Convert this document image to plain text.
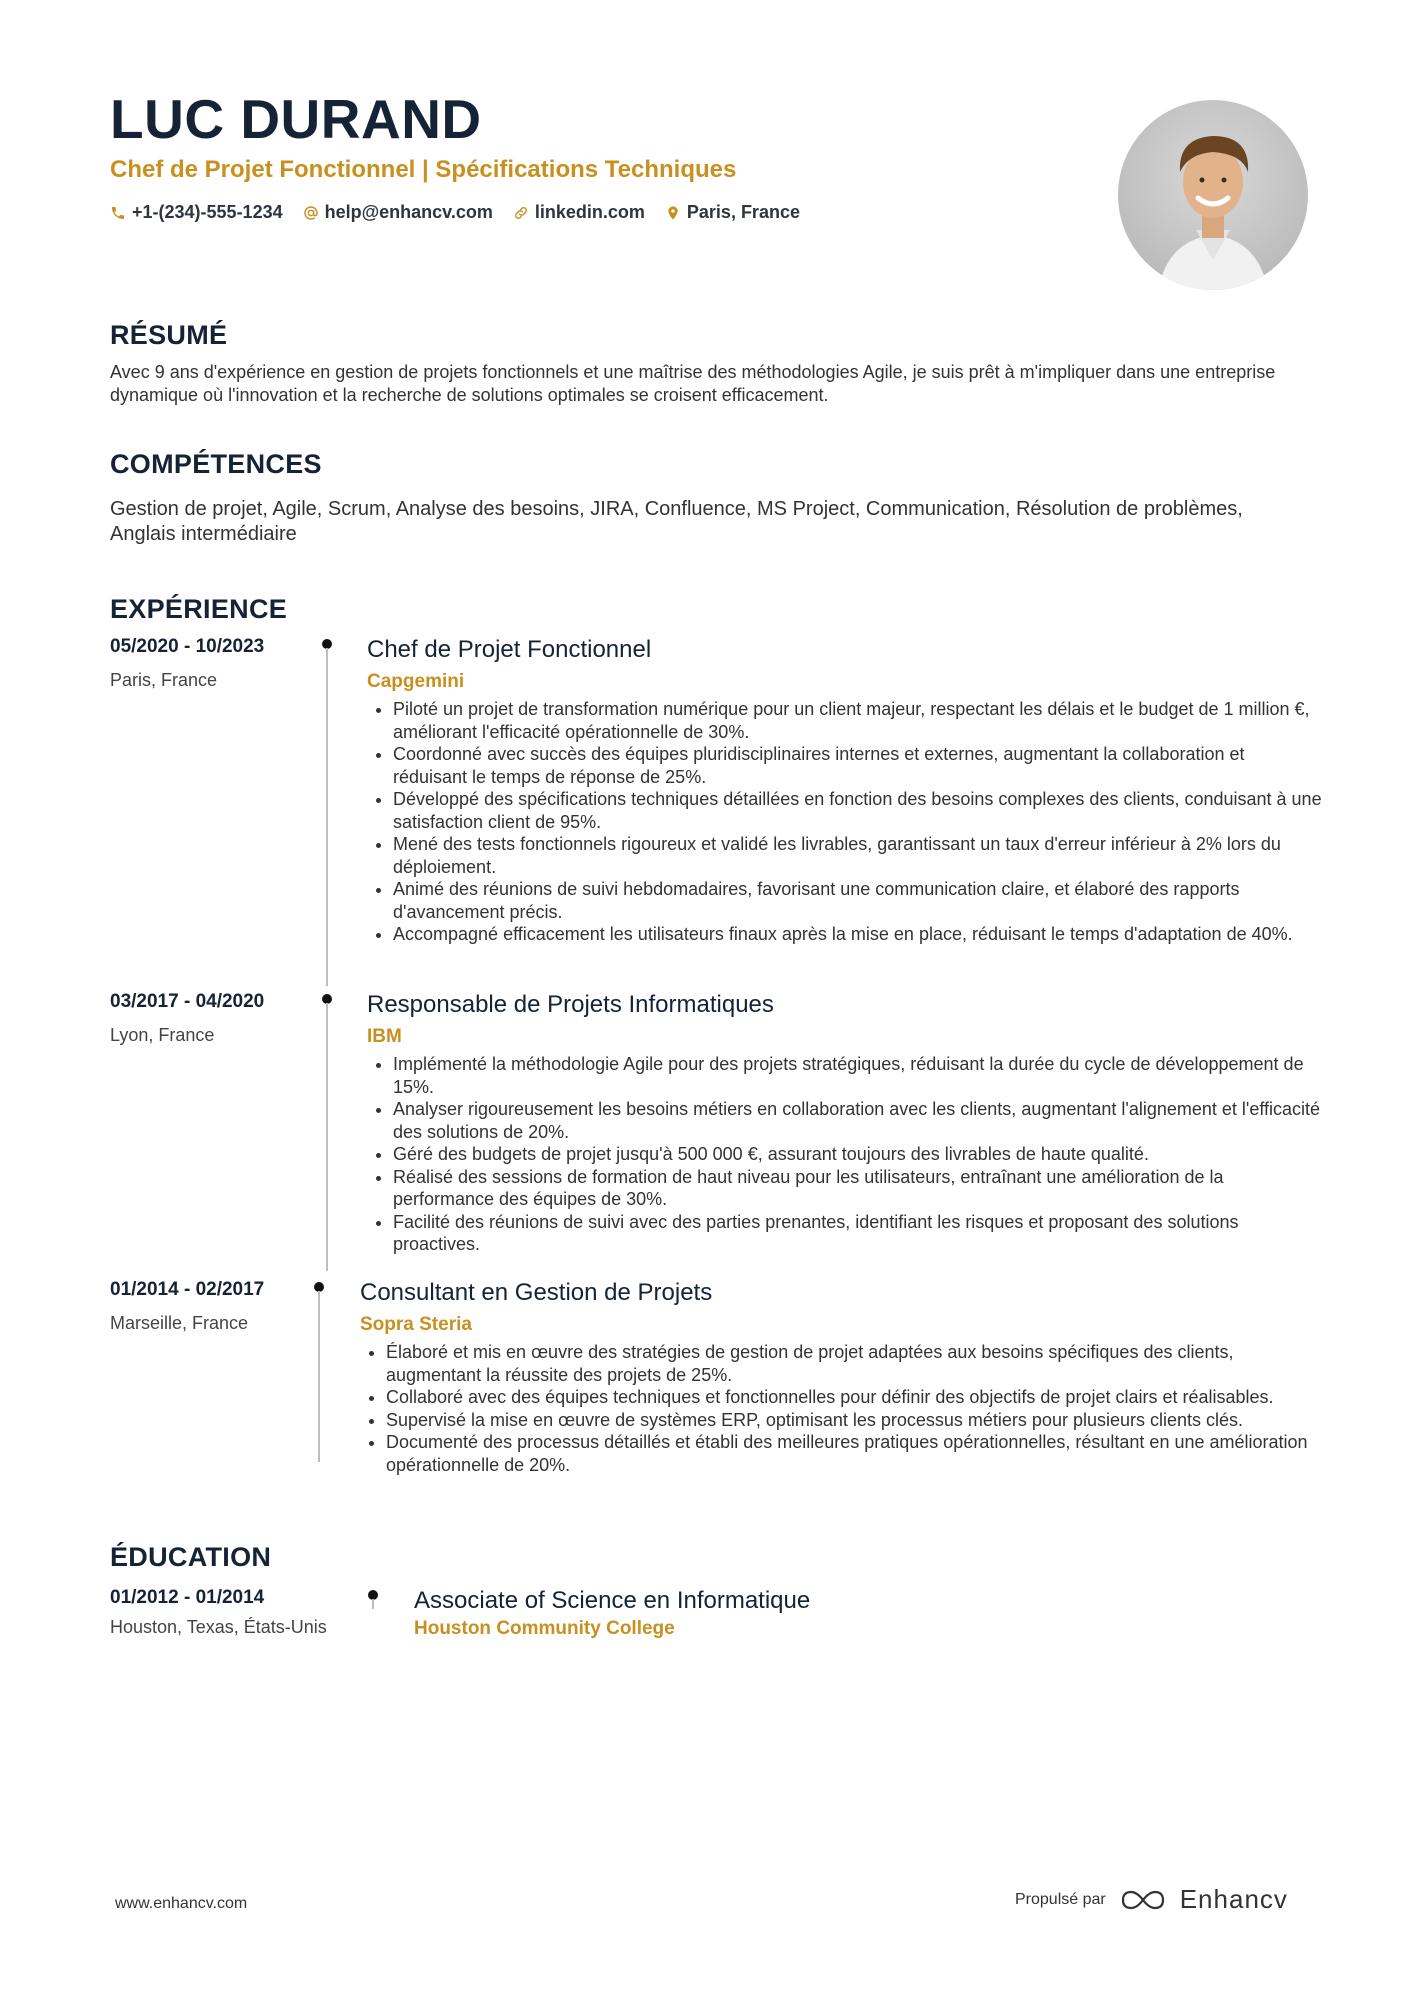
LUC DURAND
Chef de Projet Fonctionnel | Spécifications Techniques
+1-(234)-555-1234 help@enhancv.com linkedin.com Paris, France
RÉSUMÉ

Avec 9 ans d'expérience en gestion de projets fonctionnels et une maîtrise des méthodologies Agile, je suis prêt à m'impliquer dans une entreprise dynamique où l'innovation et la recherche de solutions optimales se croisent efficacement.

COMPÉTENCES

Gestion de projet, Agile, Scrum, Analyse des besoins, JIRA, Confluence, MS Project, Communication, Résolution de problèmes, Anglais intermédiaire

EXPÉRIENCE
05/2020 - 10/2023
Paris, France
Chef de Projet Fonctionnel
Capgemini
• Piloté un projet de transformation numérique pour un client majeur, respectant les délais et le budget de 1 million €, améliorant l'efficacité opérationnelle de 30%.
• Coordonné avec succès des équipes pluridisciplinaires internes et externes, augmentant la collaboration et réduisant le temps de réponse de 25%.
• Développé des spécifications techniques détaillées en fonction des besoins complexes des clients, conduisant à une satisfaction client de 95%.
• Mené des tests fonctionnels rigoureux et validé les livrables, garantissant un taux d'erreur inférieur à 2% lors du déploiement.
• Animé des réunions de suivi hebdomadaires, favorisant une communication claire, et élaboré des rapports d'avancement précis.
• Accompagné efficacement les utilisateurs finaux après la mise en place, réduisant le temps d'adaptation de 40%.
03/2017 - 04/2020
Lyon, France
Responsable de Projets Informatiques
IBM
• Implémenté la méthodologie Agile pour des projets stratégiques, réduisant la durée du cycle de développement de 15%.
• Analyser rigoureusement les besoins métiers en collaboration avec les clients, augmentant l'alignement et l'efficacité des solutions de 20%.
• Géré des budgets de projet jusqu'à 500 000 €, assurant toujours des livrables de haute qualité.
• Réalisé des sessions de formation de haut niveau pour les utilisateurs, entraînant une amélioration de la performance des équipes de 30%.
• Facilité des réunions de suivi avec des parties prenantes, identifiant les risques et proposant des solutions proactives.
01/2014 - 02/2017
Marseille, France
Consultant en Gestion de Projets
Sopra Steria
• Élaboré et mis en œuvre des stratégies de gestion de projet adaptées aux besoins spécifiques des clients, augmentant la réussite des projets de 25%.
• Collaboré avec des équipes techniques et fonctionnelles pour définir des objectifs de projet clairs et réalisables.
• Supervisé la mise en œuvre de systèmes ERP, optimisant les processus métiers pour plusieurs clients clés.
• Documenté des processus détaillés et établi des meilleures pratiques opérationnelles, résultant en une amélioration opérationnelle de 20%.
ÉDUCATION
01/2012 - 01/2014
Houston, Texas, États-Unis
Associate of Science en Informatique
Houston Community College
www.enhancv.com	Propulsé par	Enhancv
